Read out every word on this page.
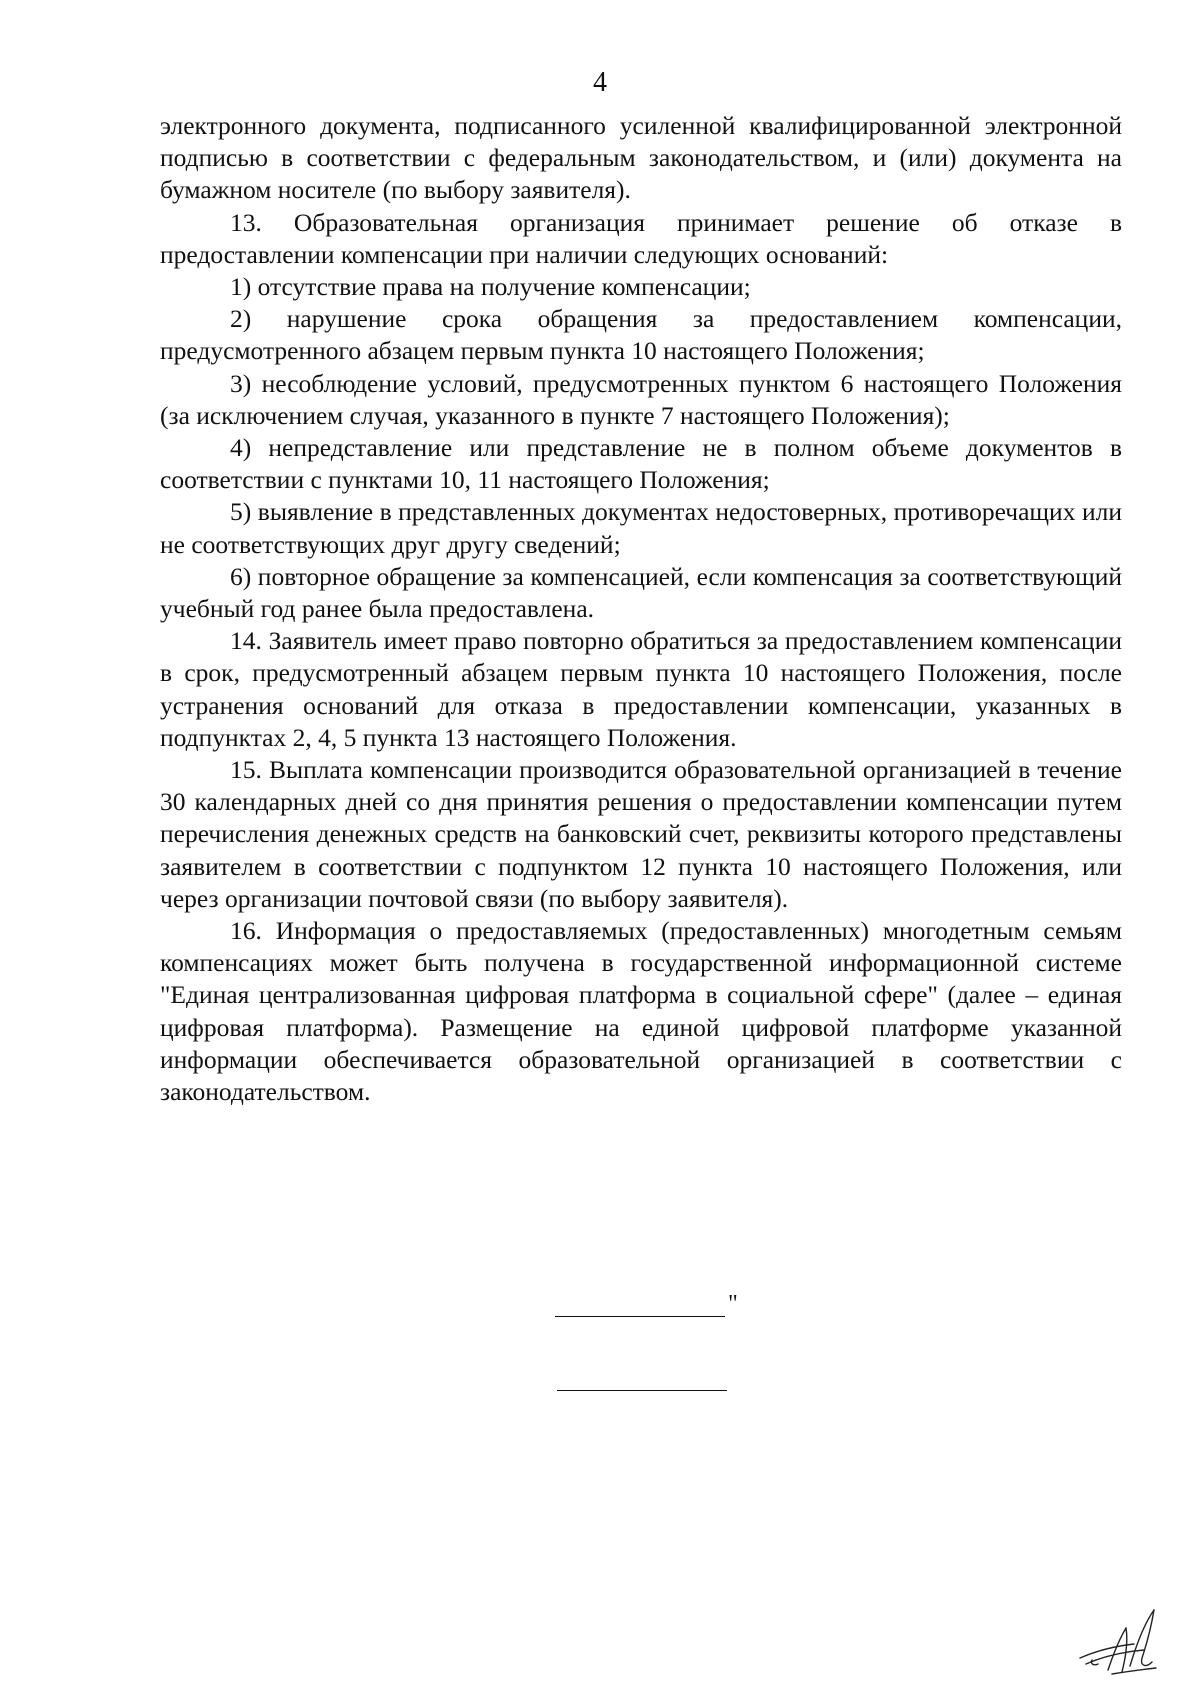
4

электронного документа, подписанного усиленной квалифицированной электронной подписью в соответствии с федеральным законодательством, и (или) документа на бумажном носителе (по выбору заявителя).

13. Образовательная организация принимает решение об отказе в предоставлении компенсации при наличии следующих оснований:

1) отсутствие права на получение компенсации;

2) нарушение срока обращения за предоставлением компенсации, предусмотренного абзацем первым пункта 10 настоящего Положения;

3) несоблюдение условий, предусмотренных пунктом 6 настоящего Положения (за исключением случая, указанного в пункте 7 настоящего Положения);

4) непредставление или представление не в полном объеме документов в соответствии с пунктами 10, 11 настоящего Положения;

5) выявление в представленных документах недостоверных, противоречащих или не соответствующих друг другу сведений;

6) повторное обращение за компенсацией, если компенсация за соответствующий учебный год ранее была предоставлена.

14. Заявитель имеет право повторно обратиться за предоставлением компенсации в срок, предусмотренный абзацем первым пункта 10 настоящего Положения, после устранения оснований для отказа в предоставлении компенсации, указанных в подпунктах 2, 4, 5 пункта 13 настоящего Положения.

15. Выплата компенсации производится образовательной организацией в течение 30 календарных дней со дня принятия решения о предоставлении компенсации путем перечисления денежных средств на банковский счет, реквизиты которого представлены заявителем в соответствии с подпунктом 12 пункта 10 настоящего Положения, или через организации почтовой связи (по выбору заявителя).

16. Информация о предоставляемых (предоставленных) многодетным семьям компенсациях может быть получена в государственной информационной системе "Единая централизованная цифровая платформа в социальной сфере" (далее – единая цифровая платформа). Размещение на единой цифровой платформе указанной информации обеспечивается образовательной организацией в соответствии с законодательством.

"
